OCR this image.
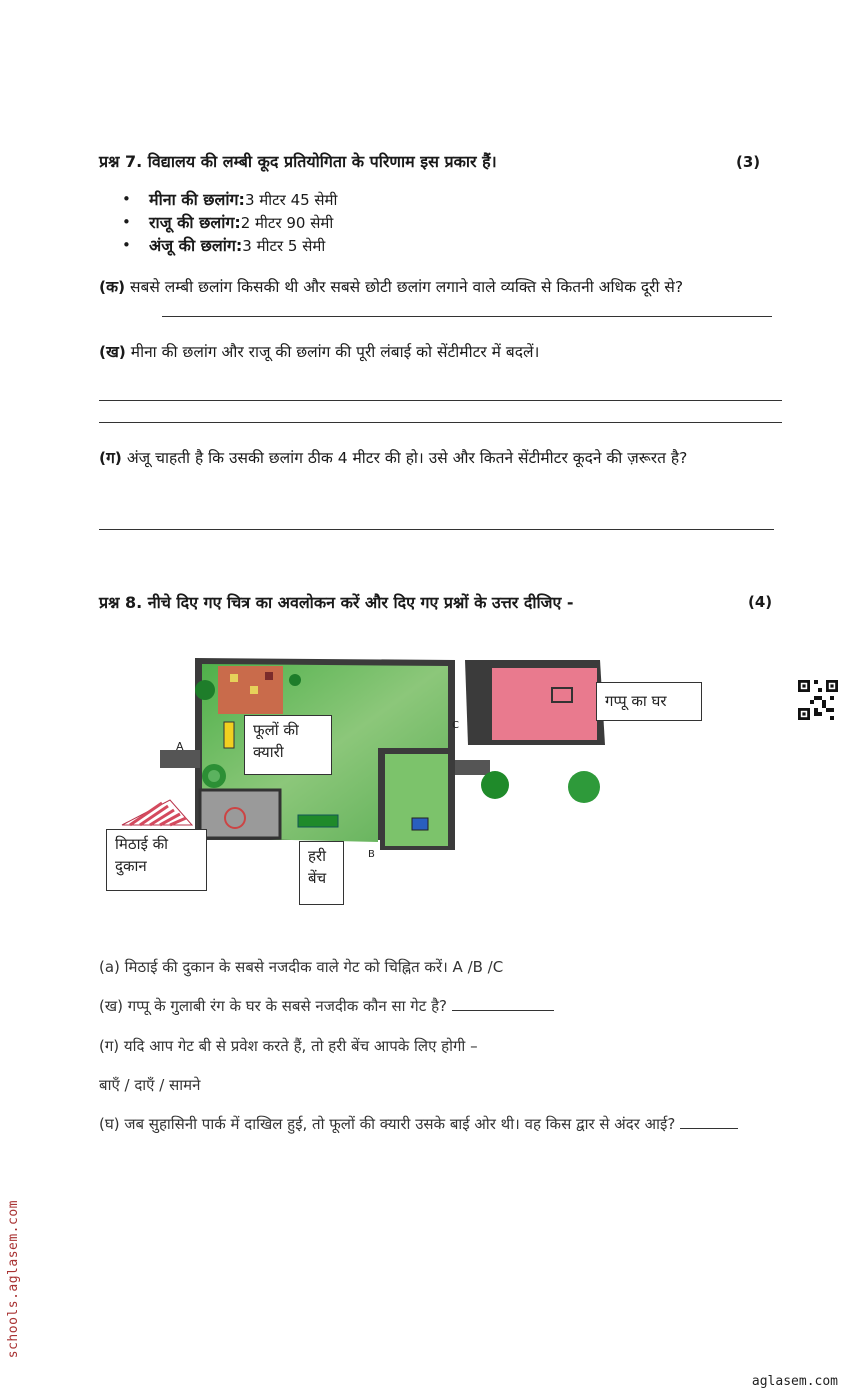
प्रश्न 7. विद्यालय की लम्बी कूद प्रतियोगिता के परिणाम इस प्रकार हैं।	(3)
• मीना की छलांग:3 मीटर 45 सेमी
• राजू की छलांग:2 मीटर 90 सेमी
• अंजू की छलांग:3 मीटर 5 सेमी
(क) सबसे लम्बी छलांग किसकी थी और सबसे छोटी छलांग लगाने वाले व्यक्ति से कितनी अधिक दूरी से?
(ख) मीना की छलांग और राजू की छलांग की पूरी लंबाई को सेंटीमीटर में बदलें।
(ग) अंजू चाहती है कि उसकी छलांग ठीक 4 मीटर की हो। उसे और कितने सेंटीमीटर कूदने की ज़रूरत है?
प्रश्न 8. नीचे दिए गए चित्र का अवलोकन करें और दिए गए प्रश्नों के उत्तर दीजिए -	(4)
A
B
C
फूलों की क्यारी
गप्पू का घर
मिठाई की दुकान
हरी बेंच
(a) मिठाई की दुकान के सबसे नजदीक वाले गेट को चिह्नित करें। A /B /C
(ख) गप्पू के गुलाबी रंग के घर के सबसे नजदीक कौन सा गेट है?
(ग) यदि आप गेट बी से प्रवेश करते हैं, तो हरी बेंच आपके लिए होगी –
बाएँ / दाएँ / सामने
(घ) जब सुहासिनी पार्क में दाखिल हुई, तो फूलों की क्यारी उसके बाई ओर थी। वह किस द्वार से अंदर आई?
schools.aglasem.com
aglasem.com
